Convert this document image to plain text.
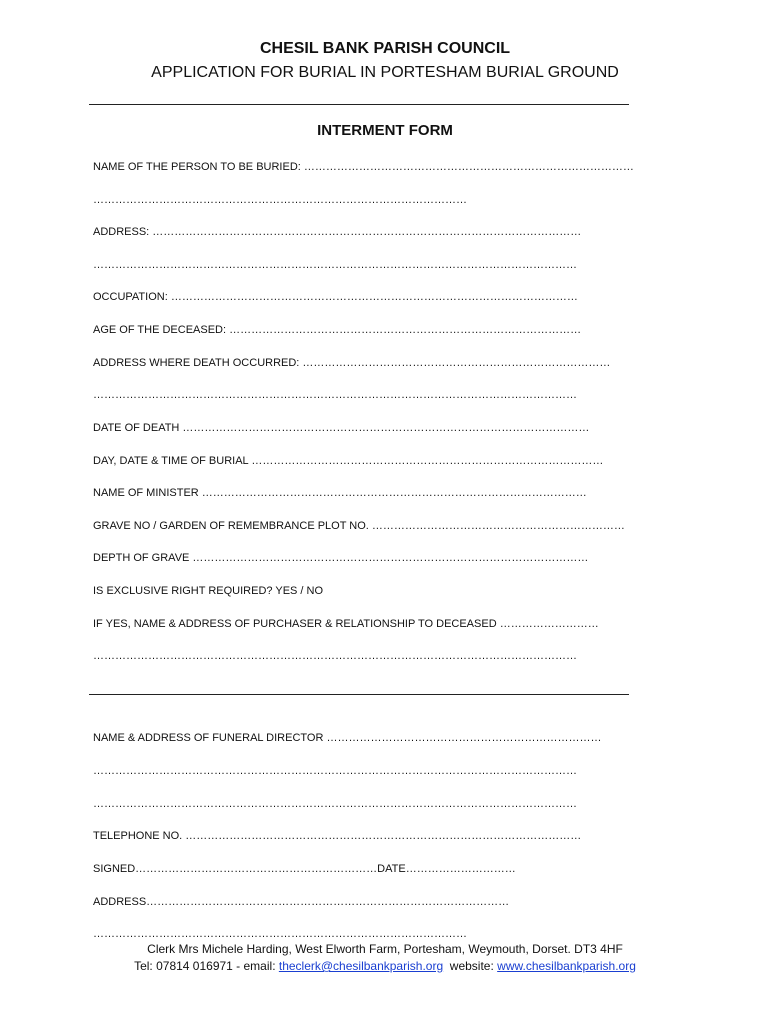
CHESIL BANK PARISH COUNCIL
APPLICATION FOR BURIAL IN PORTESHAM BURIAL GROUND
INTERMENT FORM
NAME OF THE PERSON TO BE BURIED: ………………………………………………………………………………
…………………………………………………………………………………………
ADDRESS: ………………………………………………………………………………………………………
……………………………………………………………………………………………………………………
OCCUPATION: …………………………………………………………………………………………………
AGE OF THE DECEASED: ……………………………………………………………………………………
ADDRESS WHERE DEATH OCCURRED: …………………………………………………………………………
……………………………………………………………………………………………………………………
DATE OF DEATH …………………………………………………………………………………………………
DAY, DATE & TIME OF BURIAL ……………………………………………………………………………………
NAME OF MINISTER ……………………………………………………………………………………………
GRAVE NO / GARDEN OF REMEMBRANCE PLOT NO. ……………………………………………………………
DEPTH OF GRAVE ………………………………………………………………………………………………
IS EXCLUSIVE RIGHT REQUIRED? YES / NO
IF YES, NAME & ADDRESS OF PURCHASER & RELATIONSHIP TO DECEASED ………………………
……………………………………………………………………………………………………………………
NAME & ADDRESS OF FUNERAL DIRECTOR …………………………………………………………………
……………………………………………………………………………………………………………………
……………………………………………………………………………………………………………………
TELEPHONE NO. ………………………………………………………………………………………………
SIGNED…………………………………………………………DATE…………………………
ADDRESS………………………………………………………………………………………
…………………………………………………………………………………………
Clerk Mrs Michele Harding, West Elworth Farm, Portesham, Weymouth, Dorset. DT3 4HF
Tel: 07814 016971 - email: theclerk@chesilbankparish.org  website: www.chesilbankparish.org
